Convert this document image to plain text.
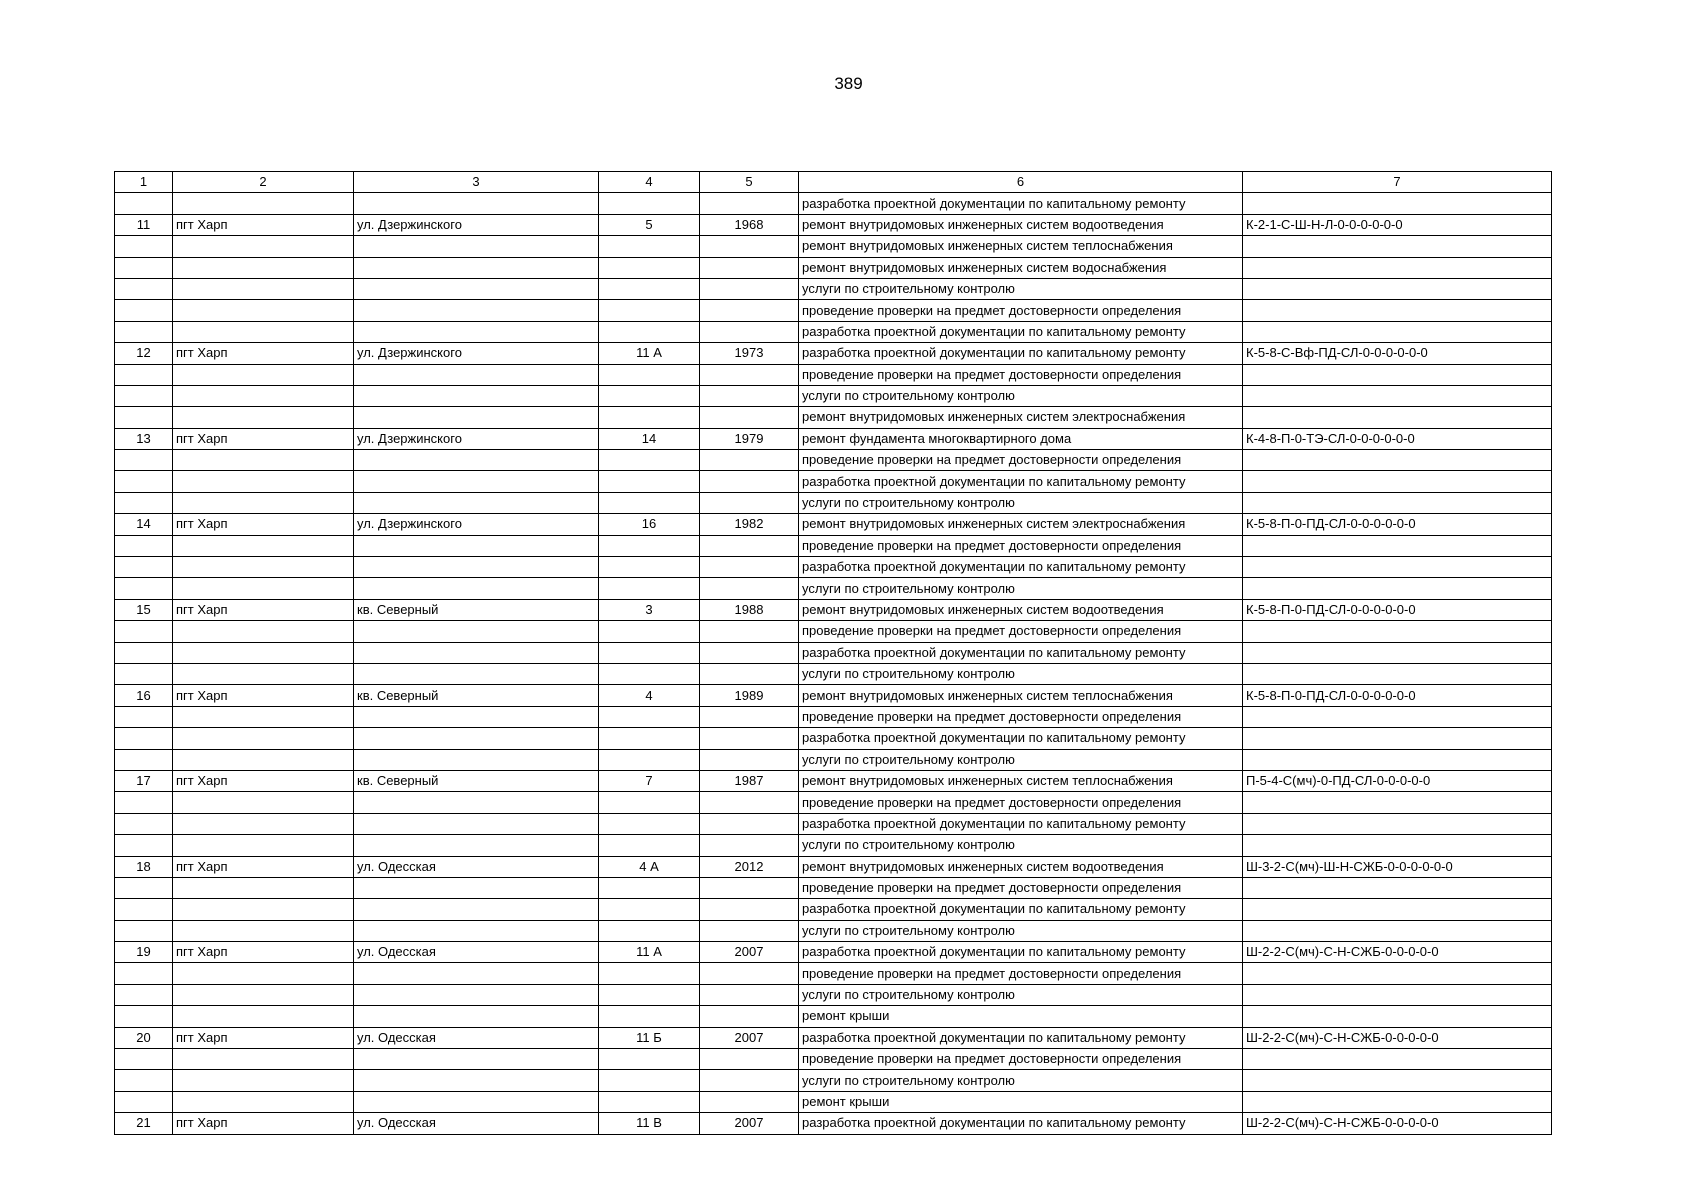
389
1	2	3	4	5	6	7
					разработка проектной документации по капитальному ремонту	
11	пгт Харп	ул. Дзержинского	5	1968	ремонт внутридомовых инженерных систем водоотведения	К-2-1-С-Ш-Н-Л-0-0-0-0-0-0
					ремонт внутридомовых инженерных систем теплоснабжения	
					ремонт внутридомовых инженерных систем водоснабжения	
					услуги по строительному контролю	
					проведение проверки на предмет достоверности определения	
					разработка проектной документации по капитальному ремонту	
12	пгт Харп	ул. Дзержинского	11 А	1973	разработка проектной документации по капитальному ремонту	К-5-8-С-Вф-ПД-СЛ-0-0-0-0-0-0
					проведение проверки на предмет достоверности определения	
					услуги по строительному контролю	
					ремонт внутридомовых инженерных систем электроснабжения	
13	пгт Харп	ул. Дзержинского	14	1979	ремонт фундамента многоквартирного дома	К-4-8-П-0-ТЭ-СЛ-0-0-0-0-0-0
					проведение проверки на предмет достоверности определения	
					разработка проектной документации по капитальному ремонту	
					услуги по строительному контролю	
14	пгт Харп	ул. Дзержинского	16	1982	ремонт внутридомовых инженерных систем электроснабжения	К-5-8-П-0-ПД-СЛ-0-0-0-0-0-0
					проведение проверки на предмет достоверности определения	
					разработка проектной документации по капитальному ремонту	
					услуги по строительному контролю	
15	пгт Харп	кв. Северный	3	1988	ремонт внутридомовых инженерных систем водоотведения	К-5-8-П-0-ПД-СЛ-0-0-0-0-0-0
					проведение проверки на предмет достоверности определения	
					разработка проектной документации по капитальному ремонту	
					услуги по строительному контролю	
16	пгт Харп	кв. Северный	4	1989	ремонт внутридомовых инженерных систем теплоснабжения	К-5-8-П-0-ПД-СЛ-0-0-0-0-0-0
					проведение проверки на предмет достоверности определения	
					разработка проектной документации по капитальному ремонту	
					услуги по строительному контролю	
17	пгт Харп	кв. Северный	7	1987	ремонт внутридомовых инженерных систем теплоснабжения	П-5-4-С(мч)-0-ПД-СЛ-0-0-0-0-0
					проведение проверки на предмет достоверности определения	
					разработка проектной документации по капитальному ремонту	
					услуги по строительному контролю	
18	пгт Харп	ул. Одесская	4 А	2012	ремонт внутридомовых инженерных систем водоотведения	Ш-3-2-С(мч)-Ш-Н-СЖБ-0-0-0-0-0-0
					проведение проверки на предмет достоверности определения	
					разработка проектной документации по капитальному ремонту	
					услуги по строительному контролю	
19	пгт Харп	ул. Одесская	11 А	2007	разработка проектной документации по капитальному ремонту	Ш-2-2-С(мч)-С-Н-СЖБ-0-0-0-0-0
					проведение проверки на предмет достоверности определения	
					услуги по строительному контролю	
					ремонт крыши	
20	пгт Харп	ул. Одесская	11 Б	2007	разработка проектной документации по капитальному ремонту	Ш-2-2-С(мч)-С-Н-СЖБ-0-0-0-0-0
					проведение проверки на предмет достоверности определения	
					услуги по строительному контролю	
					ремонт крыши	
21	пгт Харп	ул. Одесская	11 В	2007	разработка проектной документации по капитальному ремонту	Ш-2-2-С(мч)-С-Н-СЖБ-0-0-0-0-0
